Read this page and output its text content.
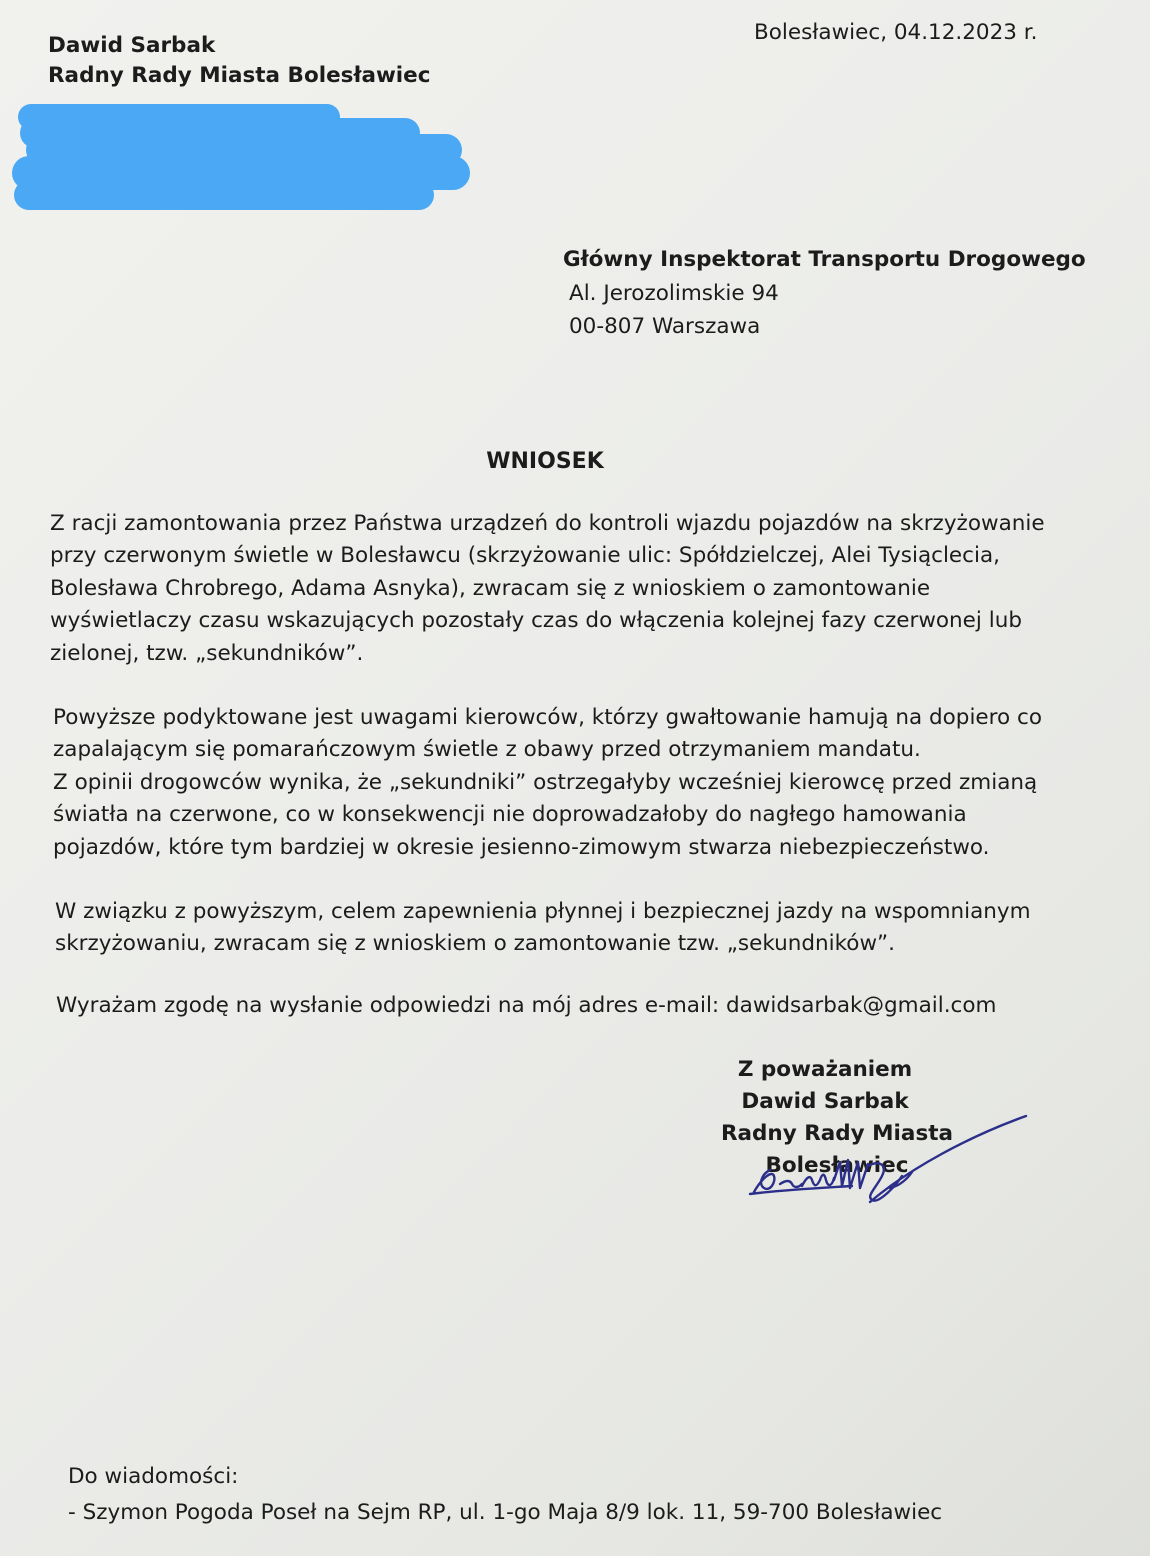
Dawid Sarbak
Radny Rady Miasta Bolesławiec
Bolesławiec, 04.12.2023 r.
Główny Inspektorat Transportu Drogowego
Al. Jerozolimskie 94
00-807 Warszawa
WNIOSEK
Z racji zamontowania przez Państwa urządzeń do kontroli wjazdu pojazdów na skrzyżowanie
przy czerwonym świetle w Bolesławcu (skrzyżowanie ulic: Spółdzielczej, Alei Tysiąclecia,
Bolesława Chrobrego, Adama Asnyka), zwracam się z wnioskiem o zamontowanie
wyświetlaczy czasu wskazujących pozostały czas do włączenia kolejnej fazy czerwonej lub
zielonej, tzw. „sekundników”.
Powyższe podyktowane jest uwagami kierowców, którzy gwałtowanie hamują na dopiero co
zapalającym się pomarańczowym świetle z obawy przed otrzymaniem mandatu.
Z opinii drogowców wynika, że „sekundniki” ostrzegałyby wcześniej kierowcę przed zmianą
światła na czerwone, co w konsekwencji nie doprowadzałoby do nagłego hamowania
pojazdów, które tym bardziej w okresie jesienno-zimowym stwarza niebezpieczeństwo.
W związku z powyższym, celem zapewnienia płynnej i bezpiecznej jazdy na wspomnianym
skrzyżowaniu, zwracam się z wnioskiem o zamontowanie tzw. „sekundników”.
Wyrażam zgodę na wysłanie odpowiedzi na mój adres e-mail: dawidsarbak@gmail.com
Z poważaniem
Dawid Sarbak
Radny Rady Miasta Bolesławiec
Do wiadomości:
- Szymon Pogoda Poseł na Sejm RP, ul. 1-go Maja 8/9 lok. 11, 59-700 Bolesławiec
